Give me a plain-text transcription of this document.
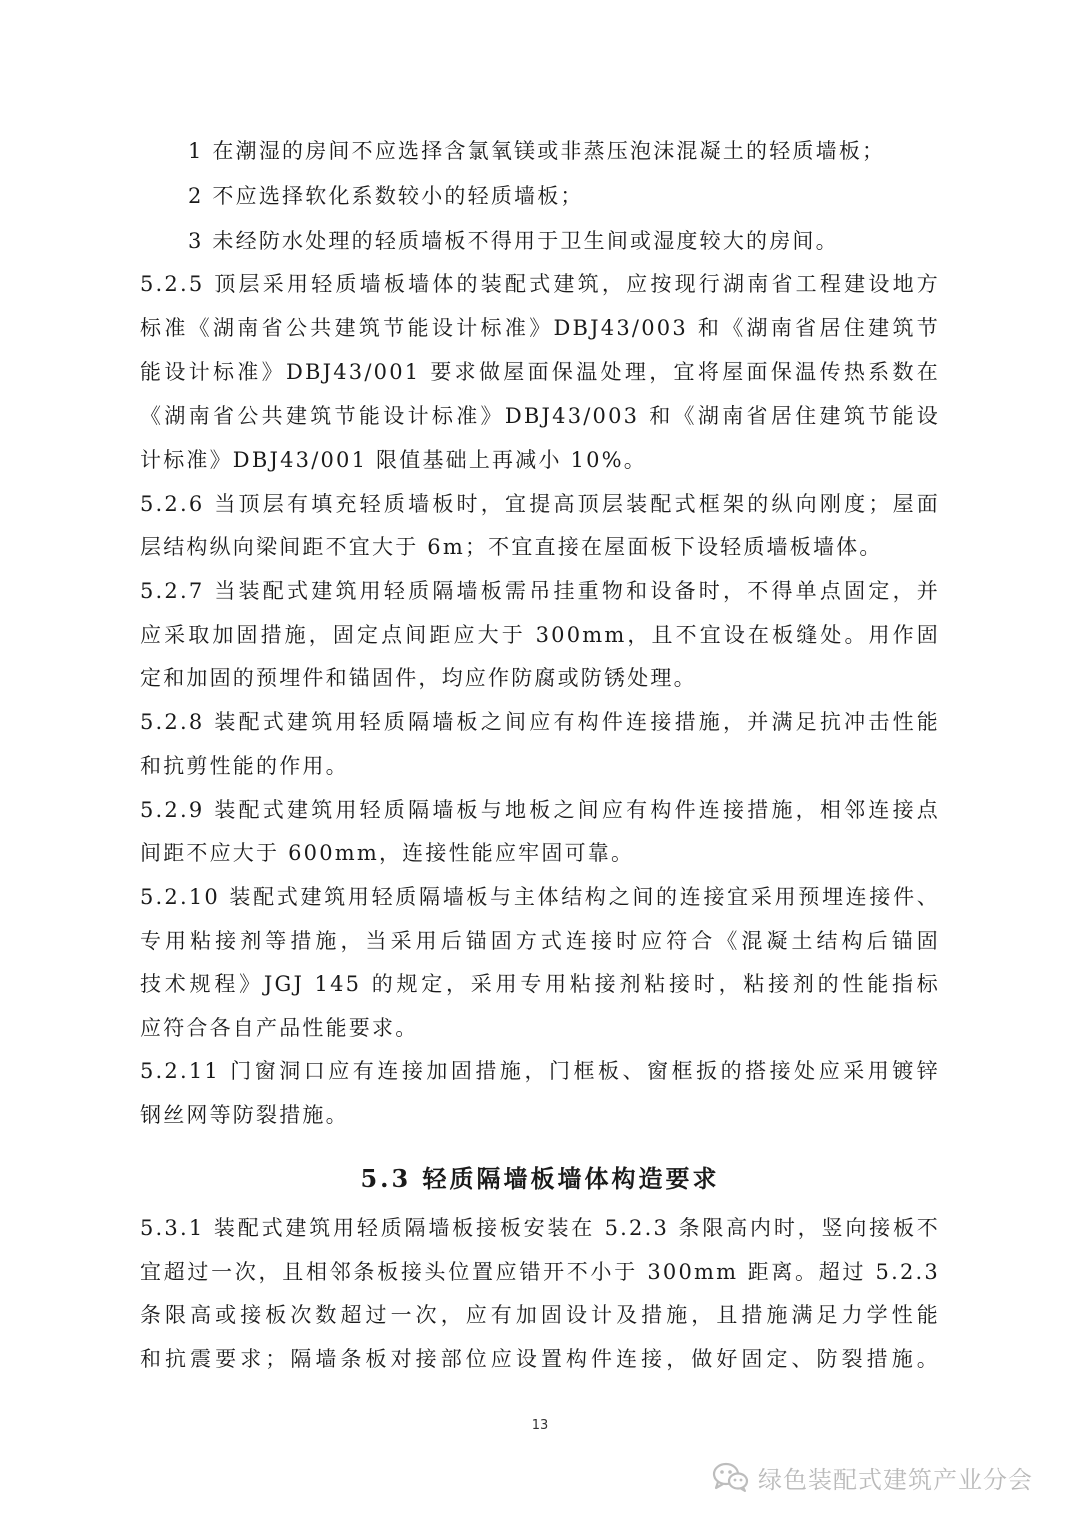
1 在潮湿的房间不应选择含氯氧镁或非蒸压泡沫混凝土的轻质墙板；
2 不应选择软化系数较小的轻质墙板；
3 未经防水处理的轻质墙板不得用于卫生间或湿度较大的房间。
5.2.5 顶层采用轻质墙板墙体的装配式建筑，应按现行湖南省工程建设地方
标准《湖南省公共建筑节能设计标准》DBJ43/003 和《湖南省居住建筑节
能设计标准》DBJ43/001 要求做屋面保温处理，宜将屋面保温传热系数在
《湖南省公共建筑节能设计标准》DBJ43/003 和《湖南省居住建筑节能设
计标准》DBJ43/001 限值基础上再减小 10%。
5.2.6 当顶层有填充轻质墙板时，宜提高顶层装配式框架的纵向刚度；屋面
层结构纵向梁间距不宜大于 6m；不宜直接在屋面板下设轻质墙板墙体。
5.2.7 当装配式建筑用轻质隔墙板需吊挂重物和设备时，不得单点固定，并
应采取加固措施，固定点间距应大于 300mm，且不宜设在板缝处。用作固
定和加固的预埋件和锚固件，均应作防腐或防锈处理。
5.2.8 装配式建筑用轻质隔墙板之间应有构件连接措施，并满足抗冲击性能
和抗剪性能的作用。
5.2.9 装配式建筑用轻质隔墙板与地板之间应有构件连接措施，相邻连接点
间距不应大于 600mm，连接性能应牢固可靠。
5.2.10 装配式建筑用轻质隔墙板与主体结构之间的连接宜采用预埋连接件、
专用粘接剂等措施，当采用后锚固方式连接时应符合《混凝土结构后锚固
技术规程》JGJ 145 的规定，采用专用粘接剂粘接时，粘接剂的性能指标
应符合各自产品性能要求。
5.2.11 门窗洞口应有连接加固措施，门框板、窗框扳的搭接处应采用镀锌
钢丝网等防裂措施。
5.3 轻质隔墙板墙体构造要求
5.3.1 装配式建筑用轻质隔墙板接板安装在 5.2.3 条限高内时，竖向接板不
宜超过一次，且相邻条板接头位置应错开不小于 300mm 距离。超过 5.2.3
条限高或接板次数超过一次，应有加固设计及措施，且措施满足力学性能
和抗震要求；隔墙条板对接部位应设置构件连接，做好固定、防裂措施。
13
绿色装配式建筑产业分会
